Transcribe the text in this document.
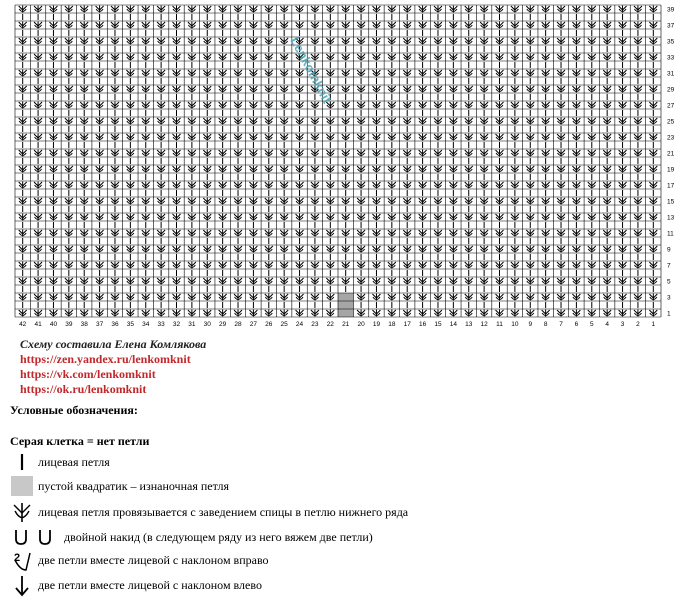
42 41 40 39 38 37 36 35 34 33 32 31 30 29 28 27 26 25 24 23 22 21 20 19 18 17 16 15 14 13 12 11 10 9 8 7 6 5 4 3 2 1
39
37
35
33
31
29
27
25
23
21
19
17
15
13
11
9
7
5
3
1
Lenkomknit
Схему составила Елена Комлякова
https://zen.yandex.ru/lenkomknit
https://vk.com/lenkomknit
https://ok.ru/lenkomknit
Условные обозначения:
Серая клетка = нет петли
лицевая петля
пустой квадратик – изнаночная петля
лицевая петля провязывается с заведением спицы в петлю нижнего ряда
двойной накид (в следующем ряду из него вяжем две петли)
2 две петли вместе лицевой с наклоном вправо
две петли вместе лицевой с наклоном влево
